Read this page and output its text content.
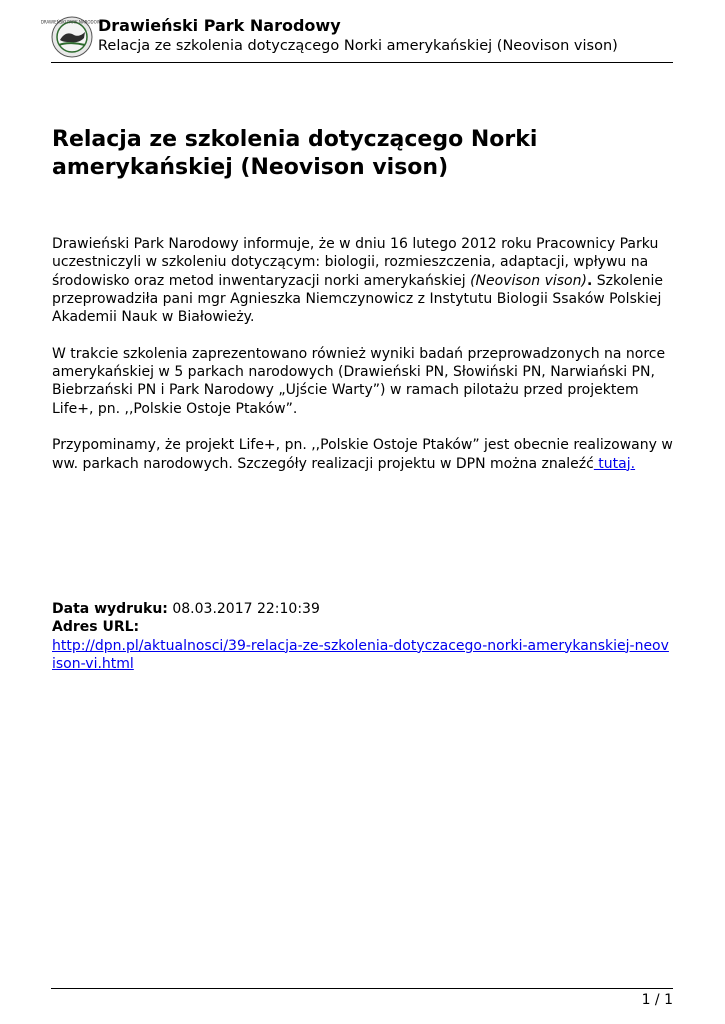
DRAWIEŃSKI PARK NARODOWY
Drawieński Park Narodowy
Relacja ze szkolenia dotyczącego Norki amerykańskiej (Neovison vison)
Relacja ze szkolenia dotyczącego Norki amerykańskiej (Neovison vison)

Drawieński Park Narodowy informuje, że w dniu 16 lutego 2012 roku Pracownicy Parku uczestniczyli w szkoleniu dotyczącym: biologii, rozmieszczenia, adaptacji, wpływu na środowisko oraz metod inwentaryzacji norki amerykańskiej (Neovison vison). Szkolenie przeprowadziła pani mgr Agnieszka Niemczynowicz z Instytutu Biologii Ssaków Polskiej Akademii Nauk w Białowieży.

W trakcie szkolenia zaprezentowano również wyniki badań przeprowadzonych na norce amerykańskiej w 5 parkach narodowych (Drawieński PN, Słowiński PN, Narwiański PN, Biebrzański PN i Park Narodowy „Ujście Warty”) w ramach pilotażu przed projektem Life+, pn. ,,Polskie Ostoje Ptaków”.

Przypominamy, że projekt Life+, pn. ,,Polskie Ostoje Ptaków” jest obecnie realizowany w ww. parkach narodowych. Szczegóły realizacji projektu w DPN można znaleźć tutaj.

Data wydruku: 08.03.2017 22:10:39
Adres URL:
http://dpn.pl/aktualnosci/39-relacja-ze-szkolenia-dotyczacego-norki-amerykanskiej-neovison-vi.html
1 / 1
